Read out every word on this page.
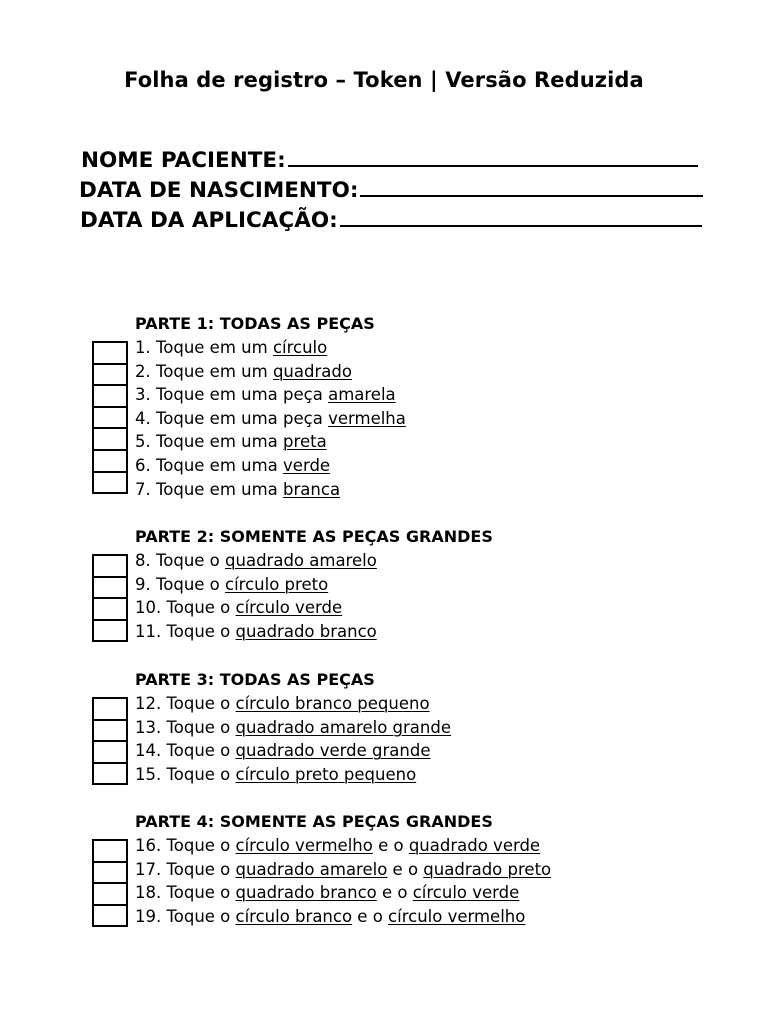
Folha de registro – Token | Versão Reduzida
NOME PACIENTE:
DATA DE NASCIMENTO:
DATA DA APLICAÇÃO:
PARTE 1: TODAS AS PEÇAS
1. Toque em um círculo
2. Toque em um quadrado
3. Toque em uma peça amarela
4. Toque em uma peça vermelha
5. Toque em uma preta
6. Toque em uma verde
7. Toque em uma branca
PARTE 2: SOMENTE AS PEÇAS GRANDES
8. Toque o quadrado amarelo
9. Toque o círculo preto
10. Toque o círculo verde
11. Toque o quadrado branco
PARTE 3: TODAS AS PEÇAS
12. Toque o círculo branco pequeno
13. Toque o quadrado amarelo grande
14. Toque o quadrado verde grande
15. Toque o círculo preto pequeno
PARTE 4: SOMENTE AS PEÇAS GRANDES
16. Toque o círculo vermelho e o quadrado verde
17. Toque o quadrado amarelo e o quadrado preto
18. Toque o quadrado branco e o círculo verde
19. Toque o círculo branco e o círculo vermelho
